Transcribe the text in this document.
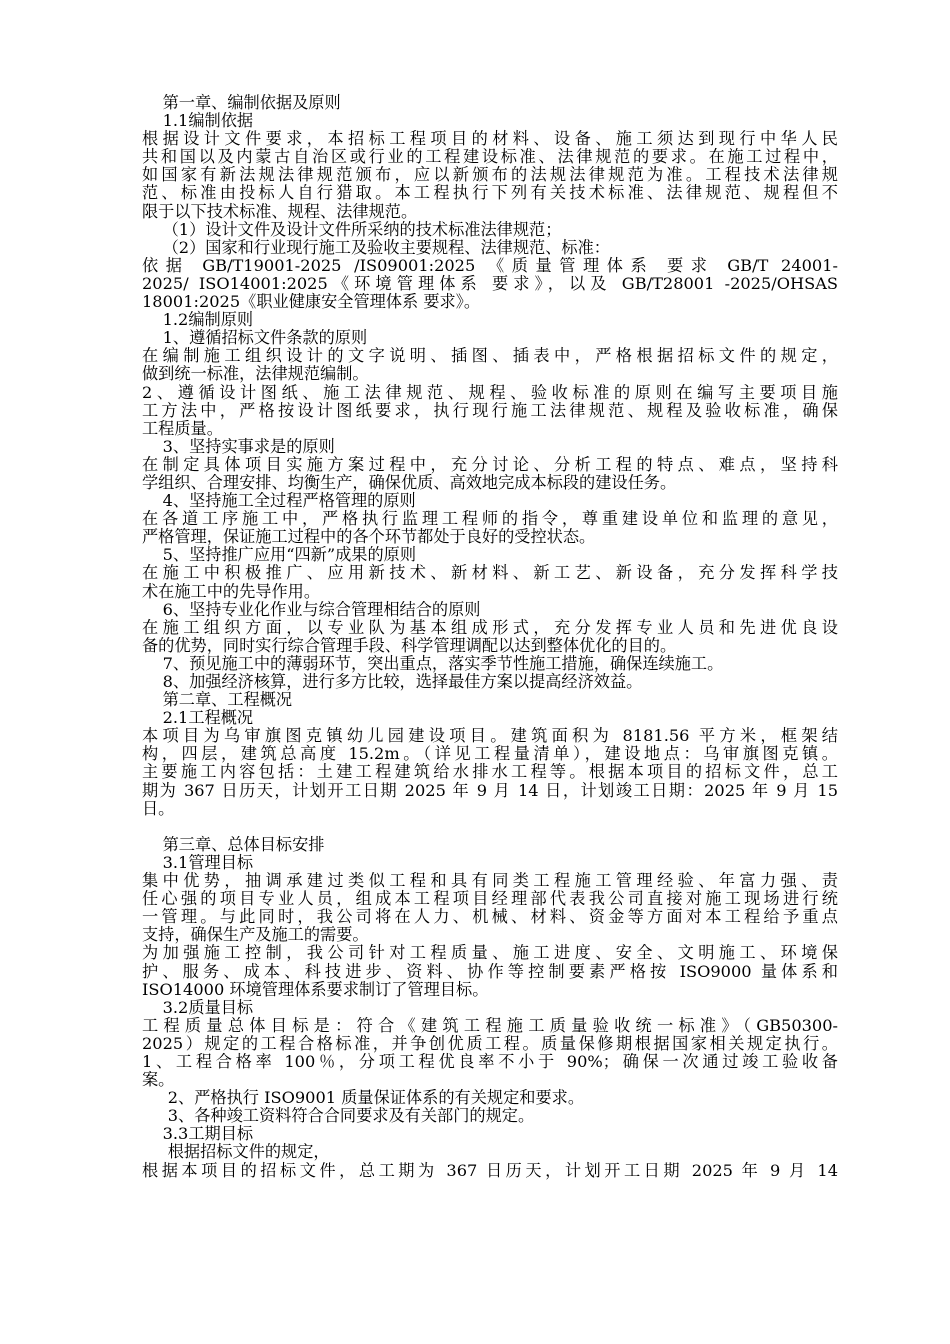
第一章、编制依据及原则
1.1编制依据
根据设计文件要求，本招标工程项目的材料、设备、施工须达到现行中华人民
共和国以及内蒙古自治区或行业的工程建设标准、法律规范的要求。在施工过程中，
如国家有新法规法律规范颁布，应以新颁布的法规法律规范为准。工程技术法律规
范、标准由投标人自行猎取。本工程执行下列有关技术标准、法律规范、规程但不
限于以下技术标准、规程、法律规范。
（1）设计文件及设计文件所采纳的技术标准法律规范；
（2）国家和行业现行施工及验收主要规程、法律规范、标准：
依据 GB/T19001-2025 /IS09001:2025 《质量管理体系 要求 GB/T 24001-
2025/ ISO14001:2025《环境管理体系 要求》，以及 GB/T28001 -2025/OHSAS
18001:2025《职业健康安全管理体系 要求》。
1.2编制原则
1、遵循招标文件条款的原则
在编制施工组织设计的文字说明、插图、插表中，严格根据招标文件的规定，
做到统一标准，法律规范编制。
2、遵循设计图纸、施工法律规范、规程、验收标准的原则在编写主要项目施
工方法中，严格按设计图纸要求，执行现行施工法律规范、规程及验收标准，确保
工程质量。
3、坚持实事求是的原则
在制定具体项目实施方案过程中，充分讨论、分析工程的特点、难点，坚持科
学组织、合理安排、均衡生产，确保优质、高效地完成本标段的建设任务。
4、坚持施工全过程严格管理的原则
在各道工序施工中，严格执行监理工程师的指令，尊重建设单位和监理的意见，
严格管理，保证施工过程中的各个环节都处于良好的受控状态。
5、坚持推广应用“四新”成果的原则
在施工中积极推广、应用新技术、新材料、新工艺、新设备，充分发挥科学技
术在施工中的先导作用。
6、坚持专业化作业与综合管理相结合的原则
在施工组织方面，以专业队为基本组成形式，充分发挥专业人员和先进优良设
备的优势，同时实行综合管理手段、科学管理调配以达到整体优化的目的。
7、预见施工中的薄弱环节，突出重点，落实季节性施工措施，确保连续施工。
8、加强经济核算，进行多方比较，选择最佳方案以提高经济效益。
第二章、工程概况
2.1工程概况
本项目为乌审旗图克镇幼儿园建设项目。建筑面积为 8181.56 平方米，框架结
构，四层，建筑总高度 15.2m。（详见工程量清单），建设地点：乌审旗图克镇。
主要施工内容包括：土建工程建筑给水排水工程等。根据本项目的招标文件，总工
期为 367 日历天，计划开工日期 2025 年 9 月 14 日，计划竣工日期：2025 年 9 月 15
日。
第三章、总体目标安排
3.1管理目标
集中优势，抽调承建过类似工程和具有同类工程施工管理经验、年富力强、责
任心强的项目专业人员，组成本工程项目经理部代表我公司直接对施工现场进行统
一管理。与此同时，我公司将在人力、机械、材料、资金等方面对本工程给予重点
支持，确保生产及施工的需要。
为加强施工控制，我公司针对工程质量、施工进度、安全、文明施工、环境保
护、服务、成本、科技进步、资料、协作等控制要素严格按 ISO9000 量体系和
ISO14000 环境管理体系要求制订了管理目标。
3.2质量目标
工程质量总体目标是：符合《建筑工程施工质量验收统一标准》（GB50300-
2025）规定的工程合格标准，并争创优质工程。质量保修期根据国家相关规定执行。
1、工程合格率 100％，分项工程优良率不小于 90%；确保一次通过竣工验收备
案。
2、严格执行 ISO9001 质量保证体系的有关规定和要求。
3、各种竣工资料符合合同要求及有关部门的规定。
3.3工期目标
根据招标文件的规定，
根据本项目的招标文件，总工期为 367 日历天，计划开工日期 2025 年 9 月 14
